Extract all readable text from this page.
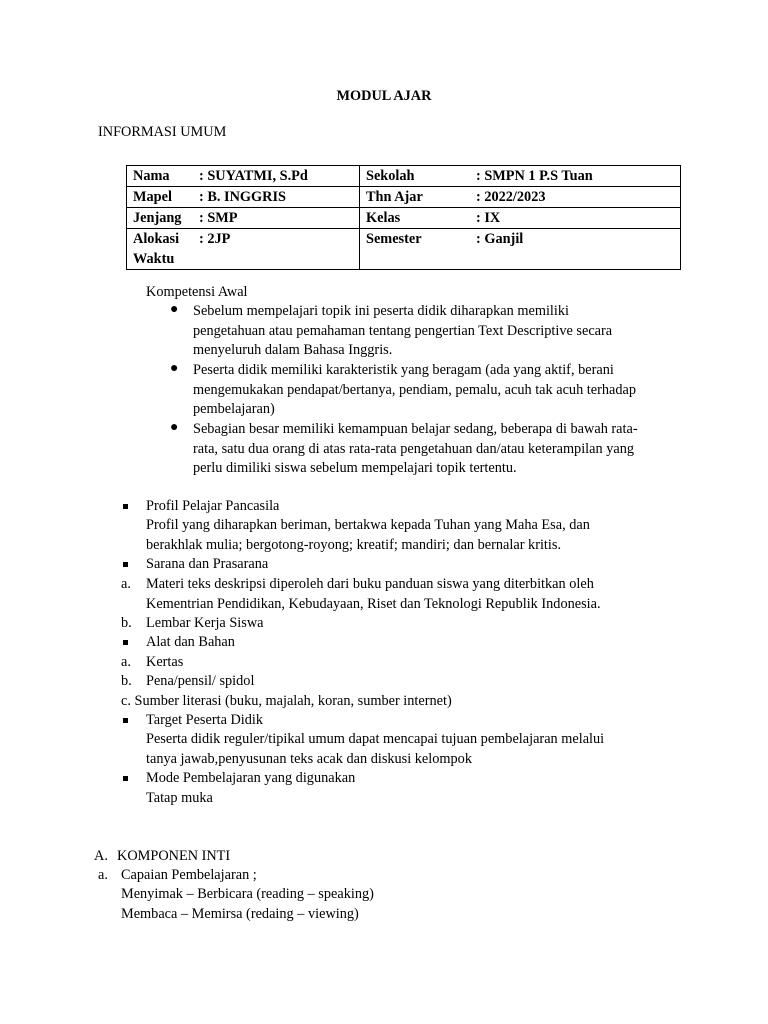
MODUL AJAR
INFORMASI UMUM
Nama : SUYATMI, S.Pd	Sekolah : SMPN 1 P.S Tuan

Mapel : B. INGGRIS	Thn Ajar : 2022/2023

Jenjang : SMP	Kelas : IX

Alokasi
Waktu
: 2JP	Semester : Ganjil
Kompetensi Awal
● Sebelum mempelajari topik ini peserta didik diharapkan memiliki
pengetahuan atau pemahaman tentang pengertian Text Descriptive secara
menyeluruh dalam Bahasa Inggris.
● Peserta didik memiliki karakteristik yang beragam (ada yang aktif, berani
mengemukakan pendapat/bertanya, pendiam, pemalu, acuh tak acuh terhadap
pembelajaran)
● Sebagian besar memiliki kemampuan belajar sedang, beberapa di bawah rata-
rata, satu dua orang di atas rata-rata pengetahuan dan/atau keterampilan yang
perlu dimiliki siswa sebelum mempelajari topik tertentu.
Profil Pelajar Pancasila
Profil yang diharapkan beriman, bertakwa kepada Tuhan yang Maha Esa, dan
berakhlak mulia; bergotong-royong; kreatif; mandiri; dan bernalar kritis.
Sarana dan Prasarana
a. Materi teks deskripsi diperoleh dari buku panduan siswa yang diterbitkan oleh
Kementrian Pendidikan, Kebudayaan, Riset dan Teknologi Republik Indonesia.
b. Lembar Kerja Siswa
Alat dan Bahan
a. Kertas
b. Pena/pensil/ spidol
c. Sumber literasi (buku, majalah, koran, sumber internet)
Target Peserta Didik
Peserta didik reguler/tipikal umum dapat mencapai tujuan pembelajaran melalui
tanya jawab,penyusunan teks acak dan diskusi kelompok
Mode Pembelajaran yang digunakan
Tatap muka
A. KOMPONEN INTI
a. Capaian Pembelajaran ;
Menyimak – Berbicara (reading – speaking)
Membaca – Memirsa (redaing – viewing)
